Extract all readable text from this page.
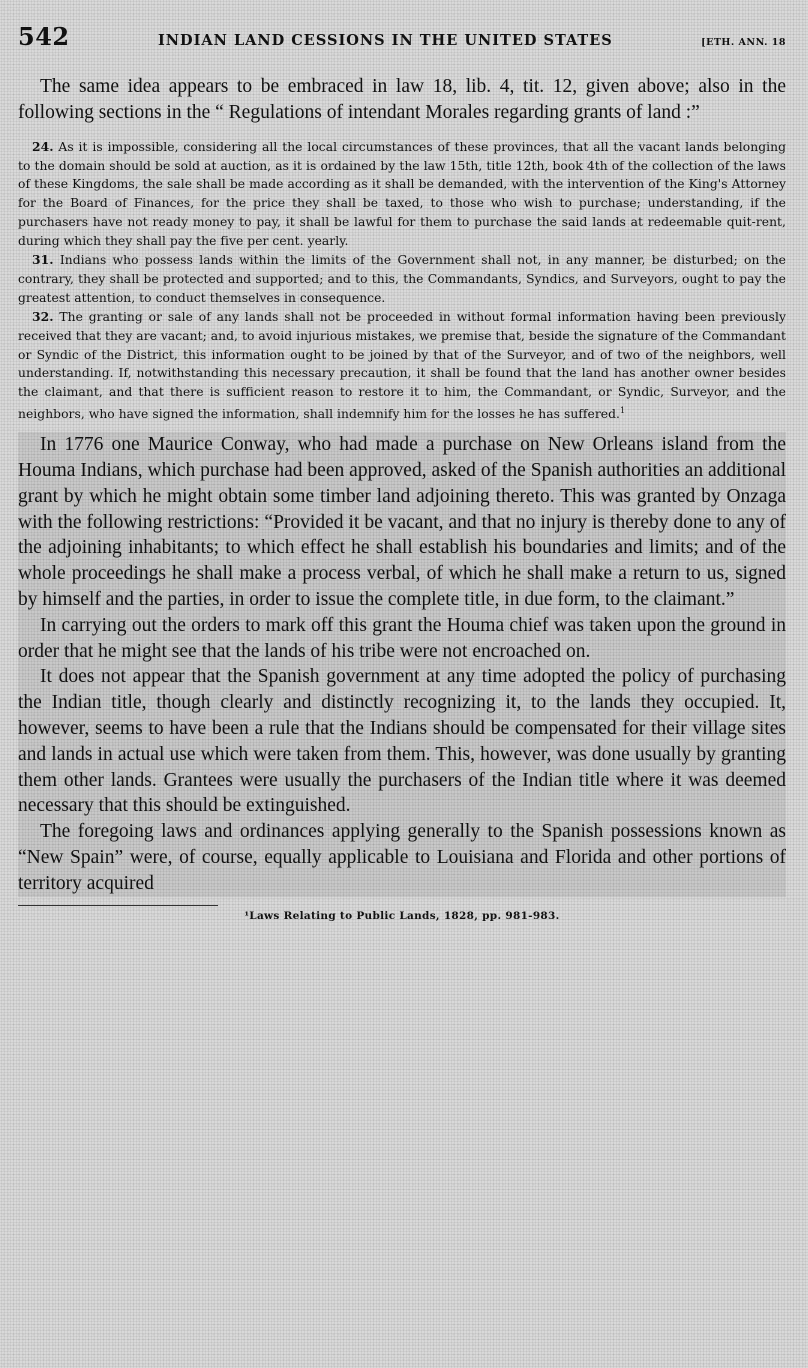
542	INDIAN LAND CESSIONS IN THE UNITED STATES	[ETH. ANN. 18

The same idea appears to be embraced in law 18, lib. 4, tit. 12, given above; also in the following sections in the “ Regulations of intendant Morales regarding grants of land :”

24. As it is impossible, considering all the local circumstances of these provinces, that all the vacant lands belonging to the domain should be sold at auction, as it is ordained by the law 15th, title 12th, book 4th of the collection of the laws of these Kingdoms, the sale shall be made according as it shall be demanded, with the intervention of the King's Attorney for the Board of Finances, for the price they shall be taxed, to those who wish to purchase; understanding, if the purchasers have not ready money to pay, it shall be lawful for them to purchase the said lands at redeemable quit-rent, during which they shall pay the five per cent. yearly.

31. Indians who possess lands within the limits of the Government shall not, in any manner, be disturbed; on the contrary, they shall be protected and supported; and to this, the Commandants, Syndics, and Surveyors, ought to pay the greatest attention, to conduct themselves in consequence.

32. The granting or sale of any lands shall not be proceeded in without formal information having been previously received that they are vacant; and, to avoid injurious mistakes, we premise that, beside the signature of the Commandant or Syndic of the District, this information ought to be joined by that of the Surveyor, and of two of the neighbors, well understanding. If, notwithstanding this necessary precaution, it shall be found that the land has another owner besides the claimant, and that there is sufficient reason to restore it to him, the Commandant, or Syndic, Surveyor, and the neighbors, who have signed the information, shall indemnify him for the losses he has suffered.$^1$

In 1776 one Maurice Conway, who had made a purchase on New Orleans island from the Houma Indians, which purchase had been approved, asked of the Spanish authorities an additional grant by which he might obtain some timber land adjoining thereto. This was granted by Onzaga with the following restrictions: “Provided it be vacant, and that no injury is thereby done to any of the adjoining inhabitants; to which effect he shall establish his boundaries and limits; and of the whole proceedings he shall make a process verbal, of which he shall make a return to us, signed by himself and the parties, in order to issue the complete title, in due form, to the claimant.”

In carrying out the orders to mark off this grant the Houma chief was taken upon the ground in order that he might see that the lands of his tribe were not encroached on.

It does not appear that the Spanish government at any time adopted the policy of purchasing the Indian title, though clearly and distinctly recognizing it, to the lands they occupied. It, however, seems to have been a rule that the Indians should be compensated for their village sites and lands in actual use which were taken from them. This, however, was done usually by granting them other lands. Grantees were usually the purchasers of the Indian title where it was deemed necessary that this should be extinguished.

The foregoing laws and ordinances applying generally to the Spanish possessions known as “New Spain” were, of course, equally applicable to Louisiana and Florida and other portions of territory acquired

¹Laws Relating to Public Lands, 1828, pp. 981-983.
